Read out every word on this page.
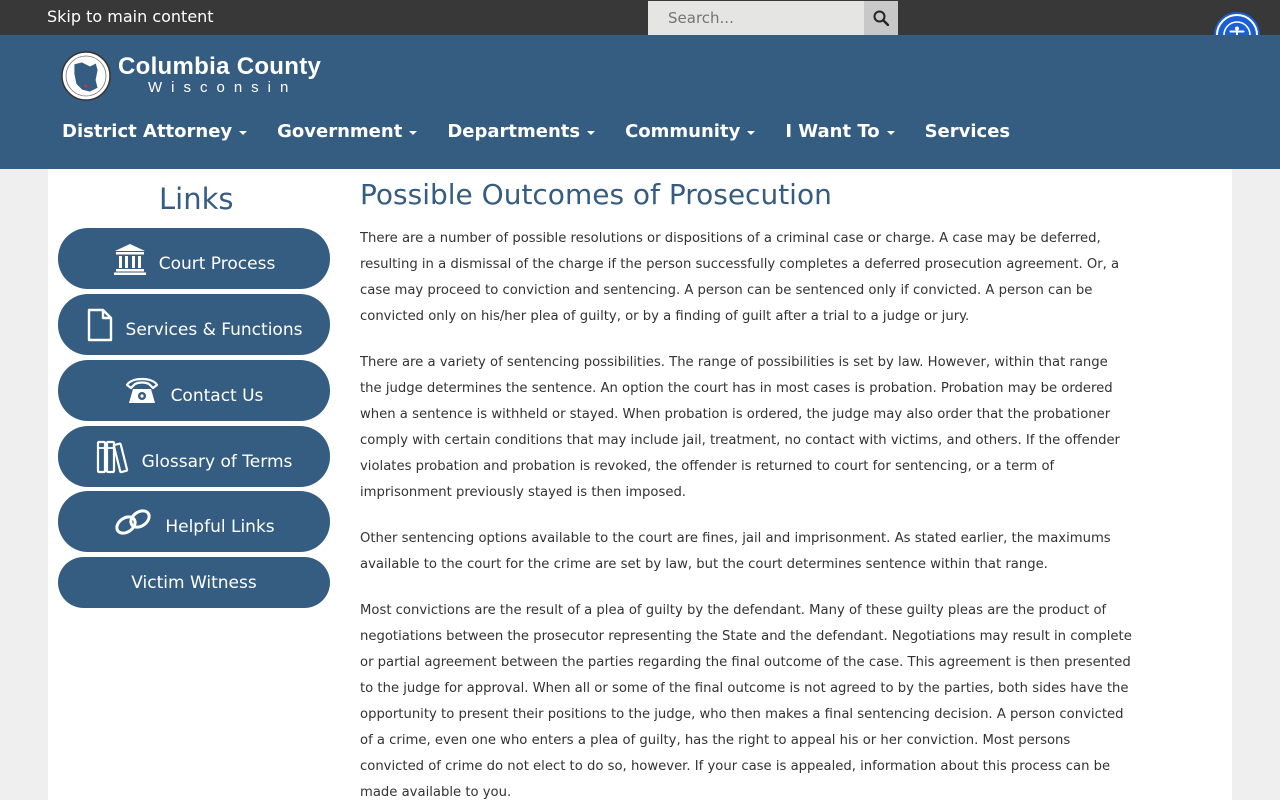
Skip to main content
Search...
Columbia County
Wisconsin
District Attorney	Government	Departments	Community	I Want To	Services
Links
Court Process
Services & Functions
Contact Us
Glossary of Terms
Helpful Links
Victim Witness
Possible Outcomes of Prosecution

There are a number of possible resolutions or dispositions of a criminal case or charge. A case may be deferred, resulting in a dismissal of the charge if the person successfully completes a deferred prosecution agreement. Or, a case may proceed to conviction and sentencing. A person can be sentenced only if convicted. A person can be convicted only on his/her plea of guilty, or by a finding of guilt after a trial to a judge or jury.

There are a variety of sentencing possibilities. The range of possibilities is set by law. However, within that range the judge determines the sentence. An option the court has in most cases is probation. Probation may be ordered when a sentence is withheld or stayed. When probation is ordered, the judge may also order that the probationer comply with certain conditions that may include jail, treatment, no contact with victims, and others. If the offender violates probation and probation is revoked, the offender is returned to court for sentencing, or a term of imprisonment previously stayed is then imposed.

Other sentencing options available to the court are fines, jail and imprisonment. As stated earlier, the maximums available to the court for the crime are set by law, but the court determines sentence within that range.

Most convictions are the result of a plea of guilty by the defendant. Many of these guilty pleas are the product of negotiations between the prosecutor representing the State and the defendant. Negotiations may result in complete or partial agreement between the parties regarding the final outcome of the case. This agreement is then presented to the judge for approval. When all or some of the final outcome is not agreed to by the parties, both sides have the opportunity to present their positions to the judge, who then makes a final sentencing decision. A person convicted of a crime, even one who enters a plea of guilty, has the right to appeal his or her conviction. Most persons convicted of crime do not elect to do so, however. If your case is appealed, information about this process can be made available to you.
